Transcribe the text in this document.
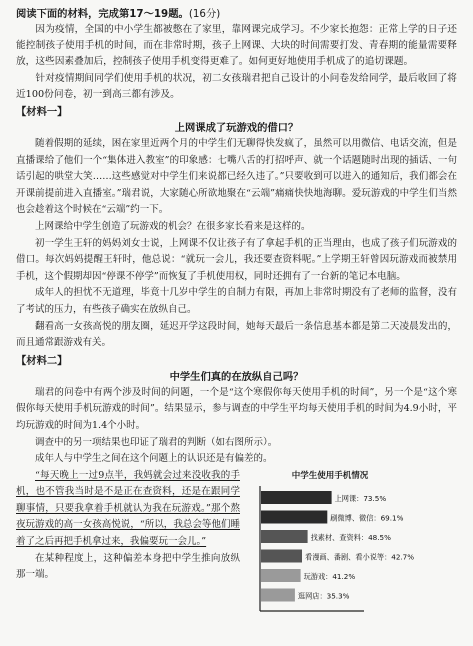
阅读下面的材料，完成第17～19题。(16分)

因为疫情，全国的中小学生都被憋在了家里，靠网课完成学习。不少家长抱怨：正常上学的日子还能控制孩子使用手机的时间，而在非常时期，孩子上网课、大块的时间需要打发、青春期的能量需要释放，这些因素叠加后，控制孩子使用手机变得更难了。如何更好地使用手机成了的追切课题。

针对疫情期间同学们使用手机的状况，初二女孩瑞君把自己设计的小问卷发给同学，最后收回了将近100份问卷，初一到高三都有涉及。

【材料一】

上网课成了玩游戏的借口？

随着假期的延续，困在家里近两个月的中学生们无聊得快发疯了，虽然可以用微信、电话交流，但是直播课给了他们一个“集体进入教室”的印象感：七嘴八舌的打招呼声、就一个话题随时出现的插话、一句话引起的哄堂大笑……这些感觉对中学生们来说都已经久违了。”只要收到可以进入的通知后，我们都会在开课前提前进入直播室。”瑞君说，大家随心所欲地聚在“云端”痛痛快快地海聊。爱玩游戏的中学生们当然也会趁着这个时候在“云端”约一下。

上网课给中学生创造了玩游戏的机会？在很多家长看来是这样的。

初一学生王轩的妈妈刘女士说，上网课不仅让孩子有了拿起手机的正当理由，也成了孩子们玩游戏的借口。每次妈妈提醒王轩时，他总说：“就玩一会儿，我还要查资料呢。”上学期王轩曾因玩游戏而被禁用手机，这个假期却因“停课不停学”而恢复了手机使用权，同时还拥有了一台新的笔记本电脑。

成年人的担忧不无道理，毕竟十几岁中学生的自制力有限，再加上非常时期没有了老师的监督，没有了考试的压力，有些孩子确实在放纵自己。

翻看高一女孩高悦的朋友圈，延迟开学这段时间，她每天最后一条信息基本都是第二天凌晨发出的，而且通常跟游戏有关。

【材料二】

中学生们真的在放纵自己吗？

瑞君的问卷中有两个涉及时间的问题，一个是“这个寒假你每天使用手机的时间”，另一个是“这个寒假你每天使用手机玩游戏的时间”。结果显示，参与调查的中学生平均每天使用手机的时间为4.9小时，平均玩游戏的时间为1.4个小时。

调查中的另一项结果也印证了瑞君的判断（如右图所示）。

成年人与中学生之间在这个问题上的认识还是有偏差的。

“每天晚上一过9点半，我妈就会过来没收我的手机，也不管我当时是不是正在查资料，还是在跟同学聊事情，只要我拿着手机就认为我在玩游戏。”那个熬夜玩游戏的高一女孩高悦说，“所以，我总会等他们睡着了之后再把手机拿过来，我偏要玩一会儿。”

在某种程度上，这种偏差本身把中学生推向放纵那一端。

中学生使用手机情况
上网课：73.5%
刷微博、微信：69.1%
找素材、查资料：48.5%
看漫画、番剧、看小说等：42.7%
玩游戏：41.2%
逛网店：35.3%
